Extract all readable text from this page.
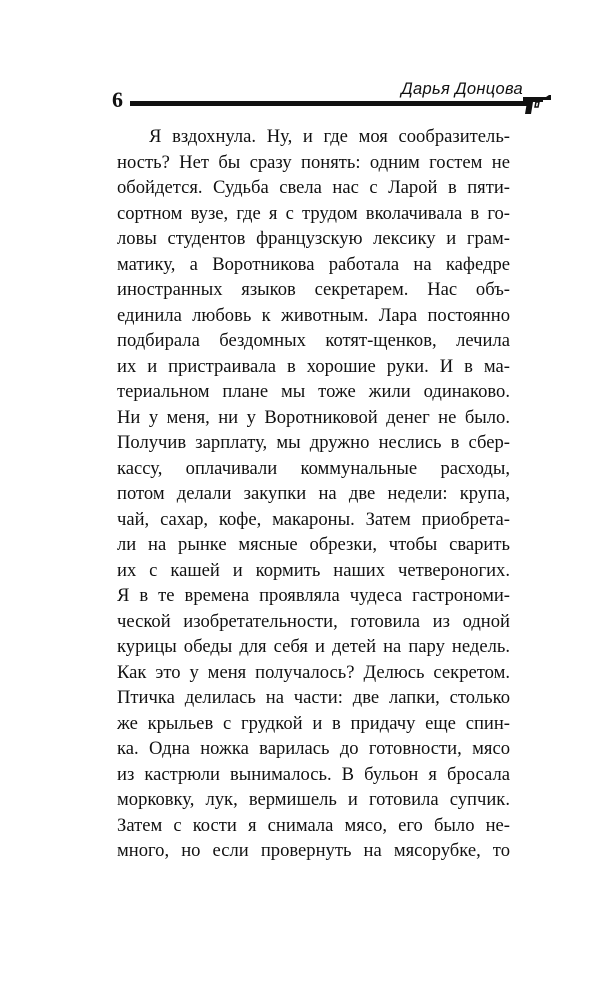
6	Дарья Донцова
Я вздохнула. Ну, и где моя сообразитель-
ность? Нет бы сразу понять: одним гостем не
обойдется. Судьба свела нас с Ларой в пяти-
сортном вузе, где я с трудом вколачивала в го-
ловы студентов французскую лексику и грам-
матику, а Воротникова работала на кафедре
иностранных языков секретарем. Нас объ-
единила любовь к животным. Лара постоянно
подбирала бездомных котят-щенков, лечила
их и пристраивала в хорошие руки. И в ма-
териальном плане мы тоже жили одинаково.
Ни у меня, ни у Воротниковой денег не было.
Получив зарплату, мы дружно неслись в сбер-
кассу, оплачивали коммунальные расходы,
потом делали закупки на две недели: крупа,
чай, сахар, кофе, макароны. Затем приобрета-
ли на рынке мясные обрезки, чтобы сварить
их с кашей и кормить наших четвероногих.
Я в те времена проявляла чудеса гастрономи-
ческой изобретательности, готовила из одной
курицы обеды для себя и детей на пару недель.
Как это у меня получалось? Делюсь секретом.
Птичка делилась на части: две лапки, столько
же крыльев с грудкой и в придачу еще спин-
ка. Одна ножка варилась до готовности, мясо
из кастрюли вынималось. В бульон я бросала
морковку, лук, вермишель и готовила супчик.
Затем с кости я снимала мясо, его было не-
много, но если провернуть на мясорубке, то
